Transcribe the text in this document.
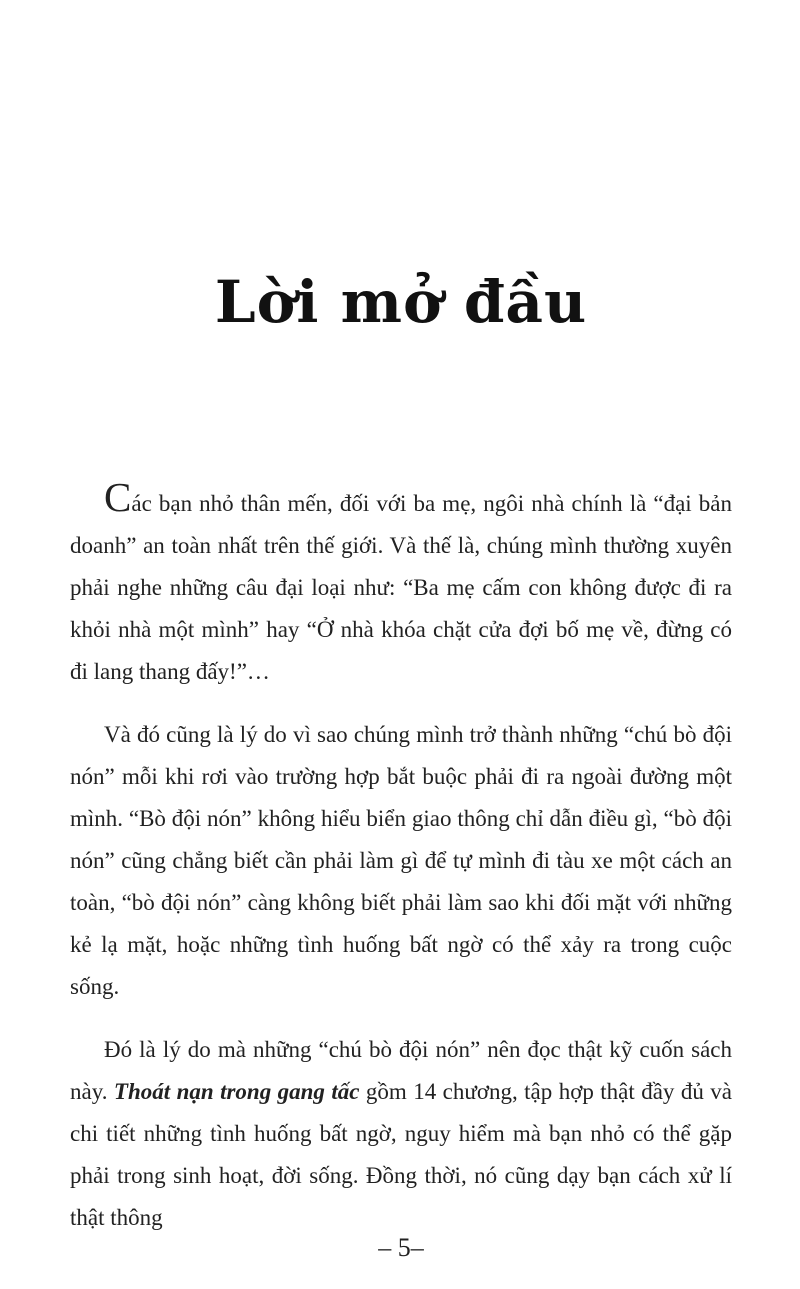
Lời mở đầu

Các bạn nhỏ thân mến, đối với ba mẹ, ngôi nhà chính là “đại bản doanh” an toàn nhất trên thế giới. Và thế là, chúng mình thường xuyên phải nghe những câu đại loại như: “Ba mẹ cấm con không được đi ra khỏi nhà một mình” hay “Ở nhà khóa chặt cửa đợi bố mẹ về, đừng có đi lang thang đấy!”…

Và đó cũng là lý do vì sao chúng mình trở thành những “chú bò đội nón” mỗi khi rơi vào trường hợp bắt buộc phải đi ra ngoài đường một mình. “Bò đội nón” không hiểu biển giao thông chỉ dẫn điều gì, “bò đội nón” cũng chẳng biết cần phải làm gì để tự mình đi tàu xe một cách an toàn, “bò đội nón” càng không biết phải làm sao khi đối mặt với những kẻ lạ mặt, hoặc những tình huống bất ngờ có thể xảy ra trong cuộc sống.

Đó là lý do mà những “chú bò đội nón” nên đọc thật kỹ cuốn sách này. Thoát nạn trong gang tấc gồm 14 chương, tập hợp thật đầy đủ và chi tiết những tình huống bất ngờ, nguy hiểm mà bạn nhỏ có thể gặp phải trong sinh hoạt, đời sống. Đồng thời, nó cũng dạy bạn cách xử lí thật thông

– 5–
